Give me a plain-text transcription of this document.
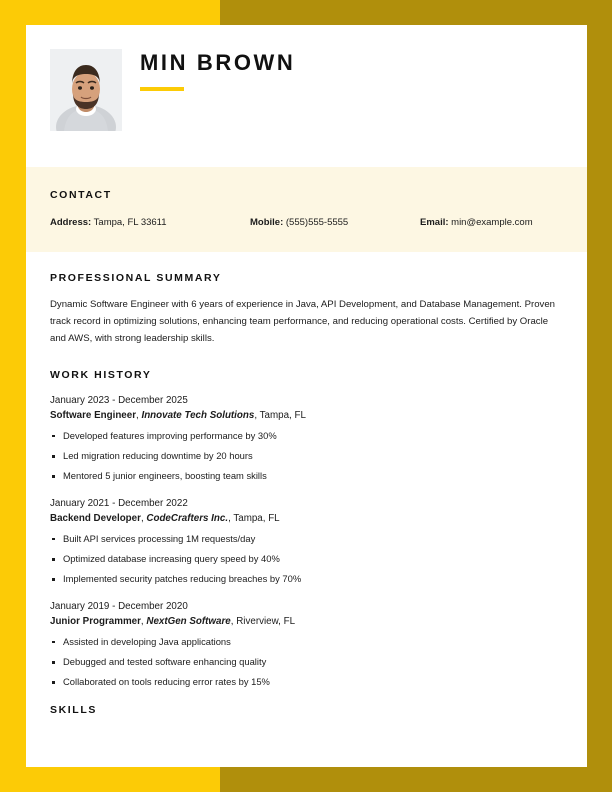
MIN BROWN
CONTACT
Address: Tampa, FL 33611	Mobile: (555)555-5555	Email: min@example.com
PROFESSIONAL SUMMARY

Dynamic Software Engineer with 6 years of experience in Java, API Development, and Database Management. Proven track record in optimizing solutions, enhancing team performance, and reducing operational costs. Certified by Oracle and AWS, with strong leadership skills.

WORK HISTORY
January 2023 - December 2025
Software Engineer, Innovate Tech Solutions, Tampa, FL
Developed features improving performance by 30%
Led migration reducing downtime by 20 hours
Mentored 5 junior engineers, boosting team skills
January 2021 - December 2022
Backend Developer, CodeCrafters Inc., Tampa, FL
Built API services processing 1M requests/day
Optimized database increasing query speed by 40%
Implemented security patches reducing breaches by 70%
January 2019 - December 2020
Junior Programmer, NextGen Software, Riverview, FL
Assisted in developing Java applications
Debugged and tested software enhancing quality
Collaborated on tools reducing error rates by 15%
SKILLS
